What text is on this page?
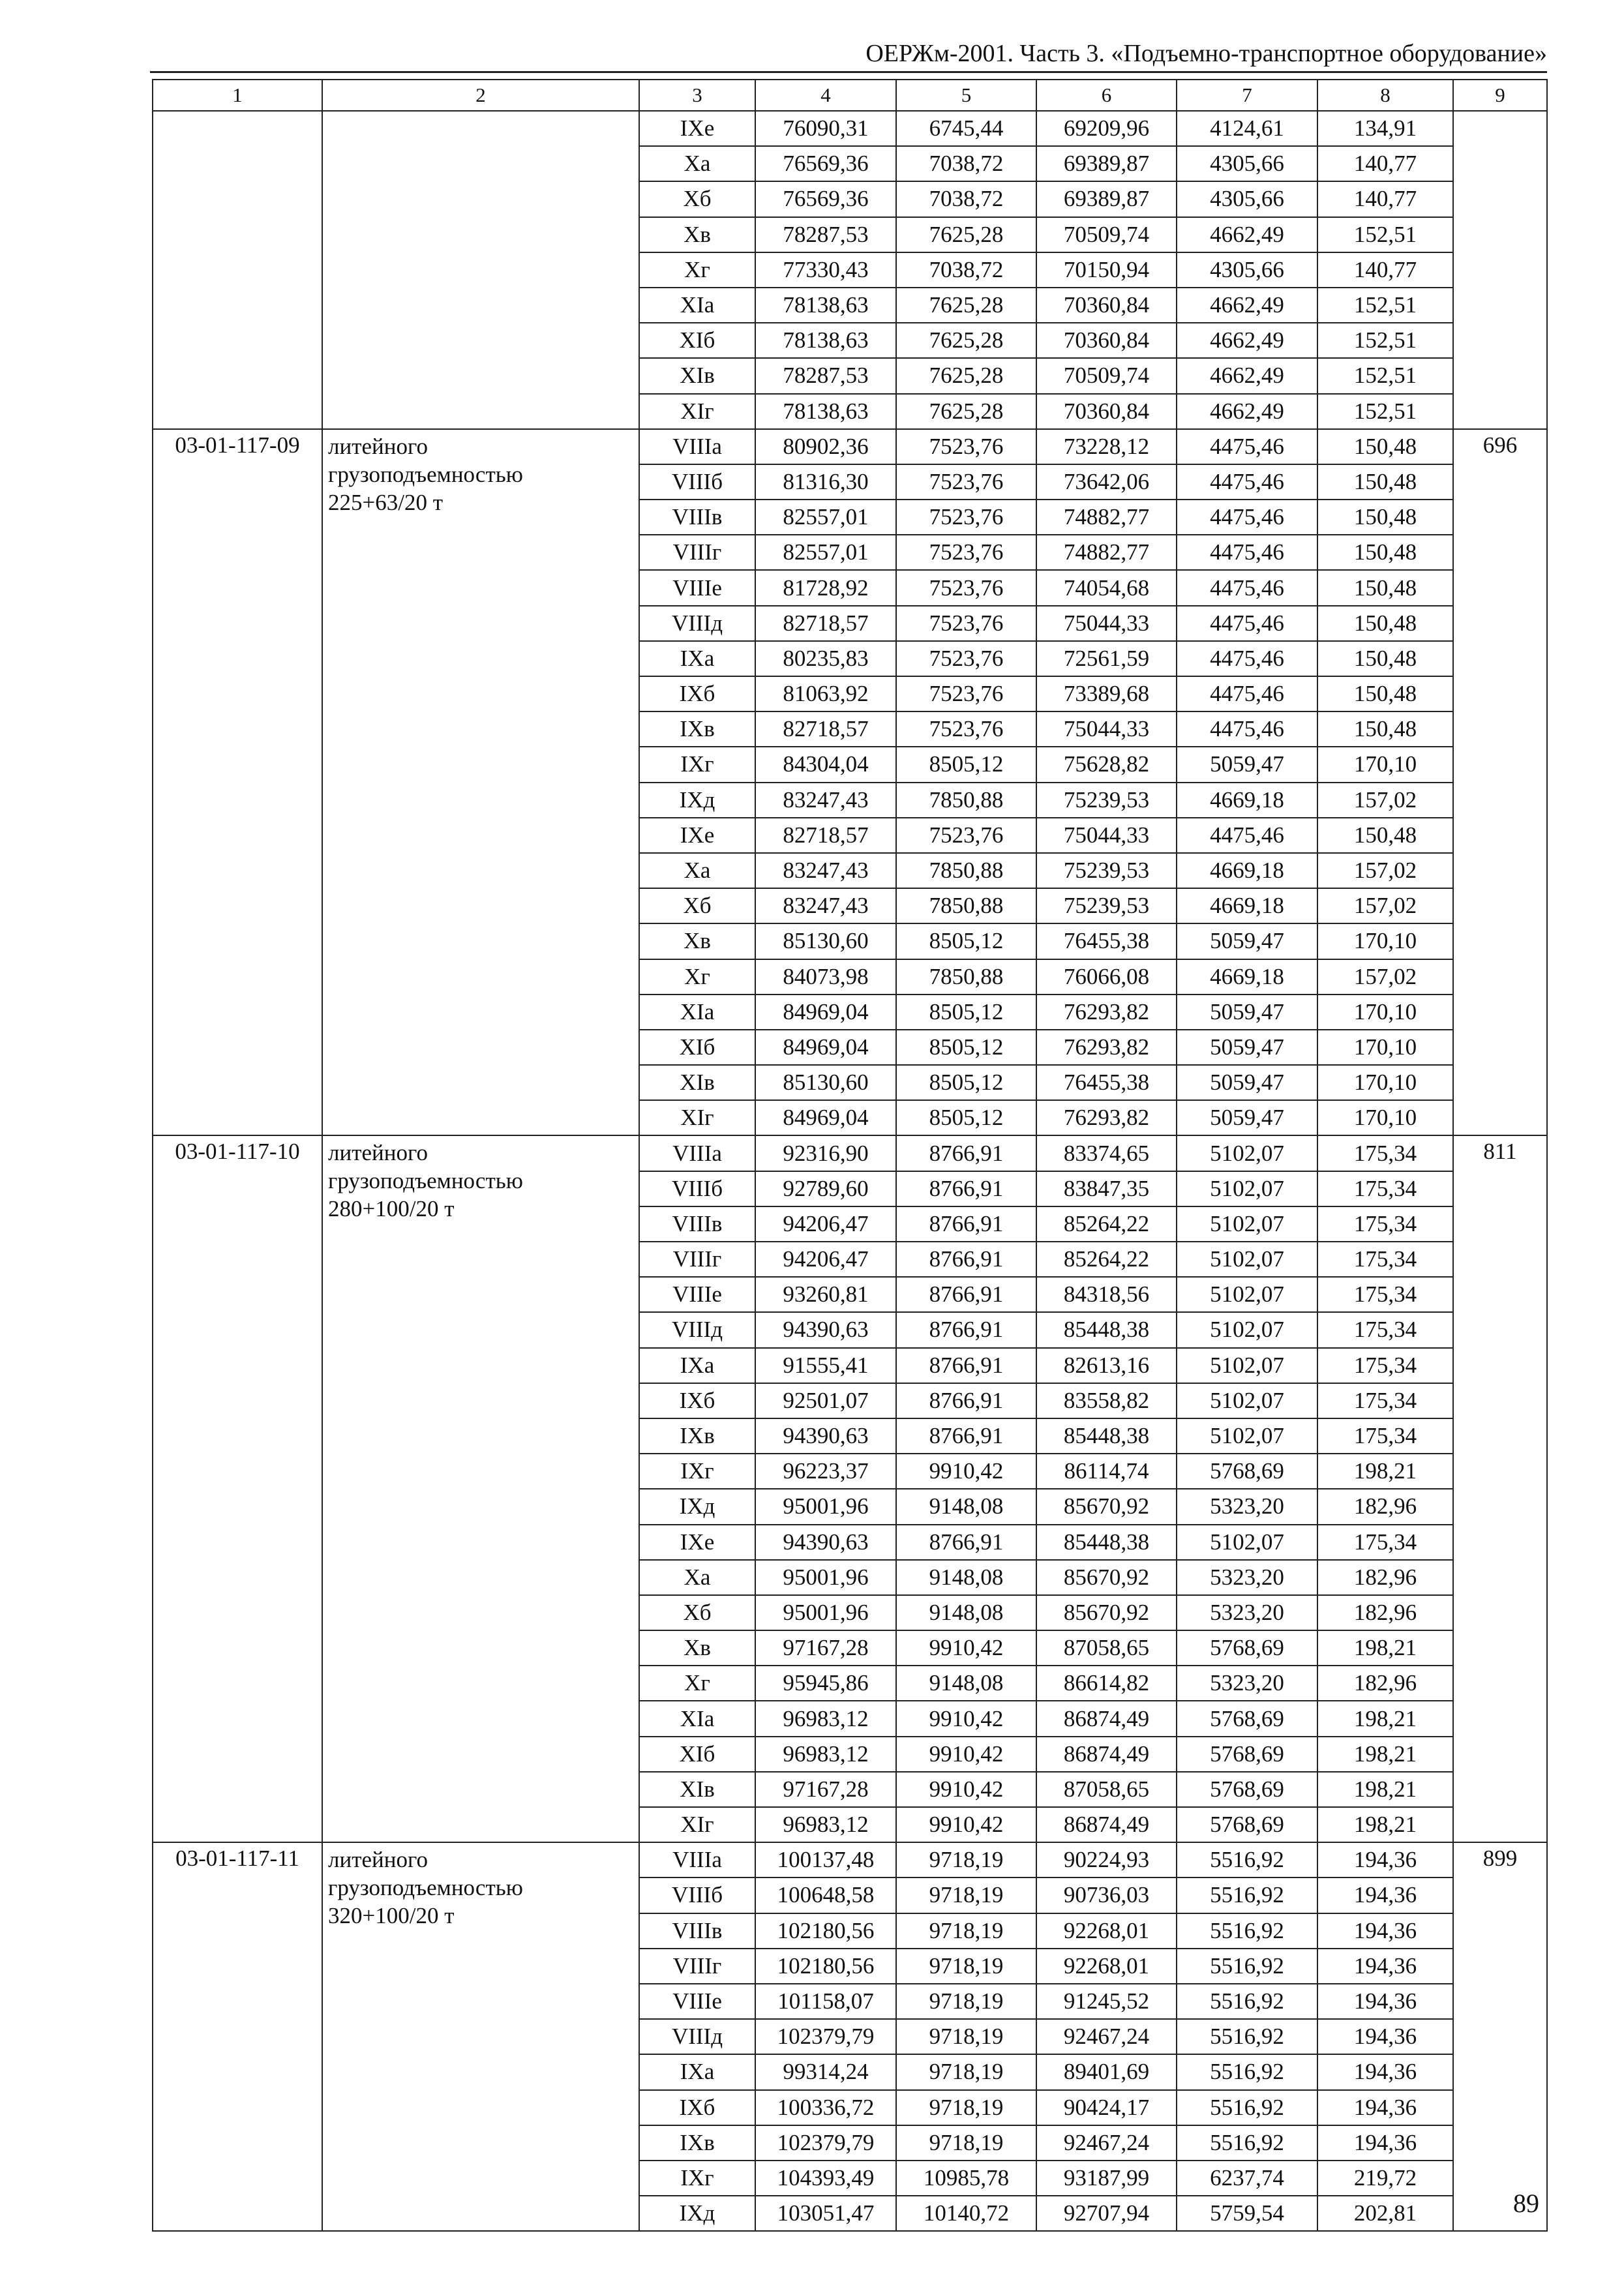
ОЕРЖм-2001. Часть 3. «Подъемно-транспортное оборудование»
1	2	3	4	5	6	7	8	9
		IXе	76090,31	6745,44	69209,96	4124,61	134,91	
		Xа	76569,36	7038,72	69389,87	4305,66	140,77	
		Xб	76569,36	7038,72	69389,87	4305,66	140,77	
		Xв	78287,53	7625,28	70509,74	4662,49	152,51	
		Xг	77330,43	7038,72	70150,94	4305,66	140,77	
		XIа	78138,63	7625,28	70360,84	4662,49	152,51	
		XIб	78138,63	7625,28	70360,84	4662,49	152,51	
		XIв	78287,53	7625,28	70509,74	4662,49	152,51	
		XIг	78138,63	7625,28	70360,84	4662,49	152,51	
03-01-117-09	литейного
грузоподъемностью
225+63/20 т	VIIIа	80902,36	7523,76	73228,12	4475,46	150,48	696
		VIIIб	81316,30	7523,76	73642,06	4475,46	150,48	
		VIIIв	82557,01	7523,76	74882,77	4475,46	150,48	
		VIIIг	82557,01	7523,76	74882,77	4475,46	150,48	
		VIIIе	81728,92	7523,76	74054,68	4475,46	150,48	
		VIIIд	82718,57	7523,76	75044,33	4475,46	150,48	
		IXа	80235,83	7523,76	72561,59	4475,46	150,48	
		IXб	81063,92	7523,76	73389,68	4475,46	150,48	
		IXв	82718,57	7523,76	75044,33	4475,46	150,48	
		IXг	84304,04	8505,12	75628,82	5059,47	170,10	
		IXд	83247,43	7850,88	75239,53	4669,18	157,02	
		IXе	82718,57	7523,76	75044,33	4475,46	150,48	
		Xа	83247,43	7850,88	75239,53	4669,18	157,02	
		Xб	83247,43	7850,88	75239,53	4669,18	157,02	
		Xв	85130,60	8505,12	76455,38	5059,47	170,10	
		Xг	84073,98	7850,88	76066,08	4669,18	157,02	
		XIа	84969,04	8505,12	76293,82	5059,47	170,10	
		XIб	84969,04	8505,12	76293,82	5059,47	170,10	
		XIв	85130,60	8505,12	76455,38	5059,47	170,10	
		XIг	84969,04	8505,12	76293,82	5059,47	170,10	
03-01-117-10	литейного
грузоподъемностью
280+100/20 т	VIIIа	92316,90	8766,91	83374,65	5102,07	175,34	811
		VIIIб	92789,60	8766,91	83847,35	5102,07	175,34	
		VIIIв	94206,47	8766,91	85264,22	5102,07	175,34	
		VIIIг	94206,47	8766,91	85264,22	5102,07	175,34	
		VIIIе	93260,81	8766,91	84318,56	5102,07	175,34	
		VIIIд	94390,63	8766,91	85448,38	5102,07	175,34	
		IXа	91555,41	8766,91	82613,16	5102,07	175,34	
		IXб	92501,07	8766,91	83558,82	5102,07	175,34	
		IXв	94390,63	8766,91	85448,38	5102,07	175,34	
		IXг	96223,37	9910,42	86114,74	5768,69	198,21	
		IXд	95001,96	9148,08	85670,92	5323,20	182,96	
		IXе	94390,63	8766,91	85448,38	5102,07	175,34	
		Xа	95001,96	9148,08	85670,92	5323,20	182,96	
		Xб	95001,96	9148,08	85670,92	5323,20	182,96	
		Xв	97167,28	9910,42	87058,65	5768,69	198,21	
		Xг	95945,86	9148,08	86614,82	5323,20	182,96	
		XIа	96983,12	9910,42	86874,49	5768,69	198,21	
		XIб	96983,12	9910,42	86874,49	5768,69	198,21	
		XIв	97167,28	9910,42	87058,65	5768,69	198,21	
		XIг	96983,12	9910,42	86874,49	5768,69	198,21	
03-01-117-11	литейного
грузоподъемностью
320+100/20 т	VIIIа	100137,48	9718,19	90224,93	5516,92	194,36	899
		VIIIб	100648,58	9718,19	90736,03	5516,92	194,36	
		VIIIв	102180,56	9718,19	92268,01	5516,92	194,36	
		VIIIг	102180,56	9718,19	92268,01	5516,92	194,36	
		VIIIе	101158,07	9718,19	91245,52	5516,92	194,36	
		VIIIд	102379,79	9718,19	92467,24	5516,92	194,36	
		IXа	99314,24	9718,19	89401,69	5516,92	194,36	
		IXб	100336,72	9718,19	90424,17	5516,92	194,36	
		IXв	102379,79	9718,19	92467,24	5516,92	194,36	
		IXг	104393,49	10985,78	93187,99	6237,74	219,72	
		IXд	103051,47	10140,72	92707,94	5759,54	202,81		89
